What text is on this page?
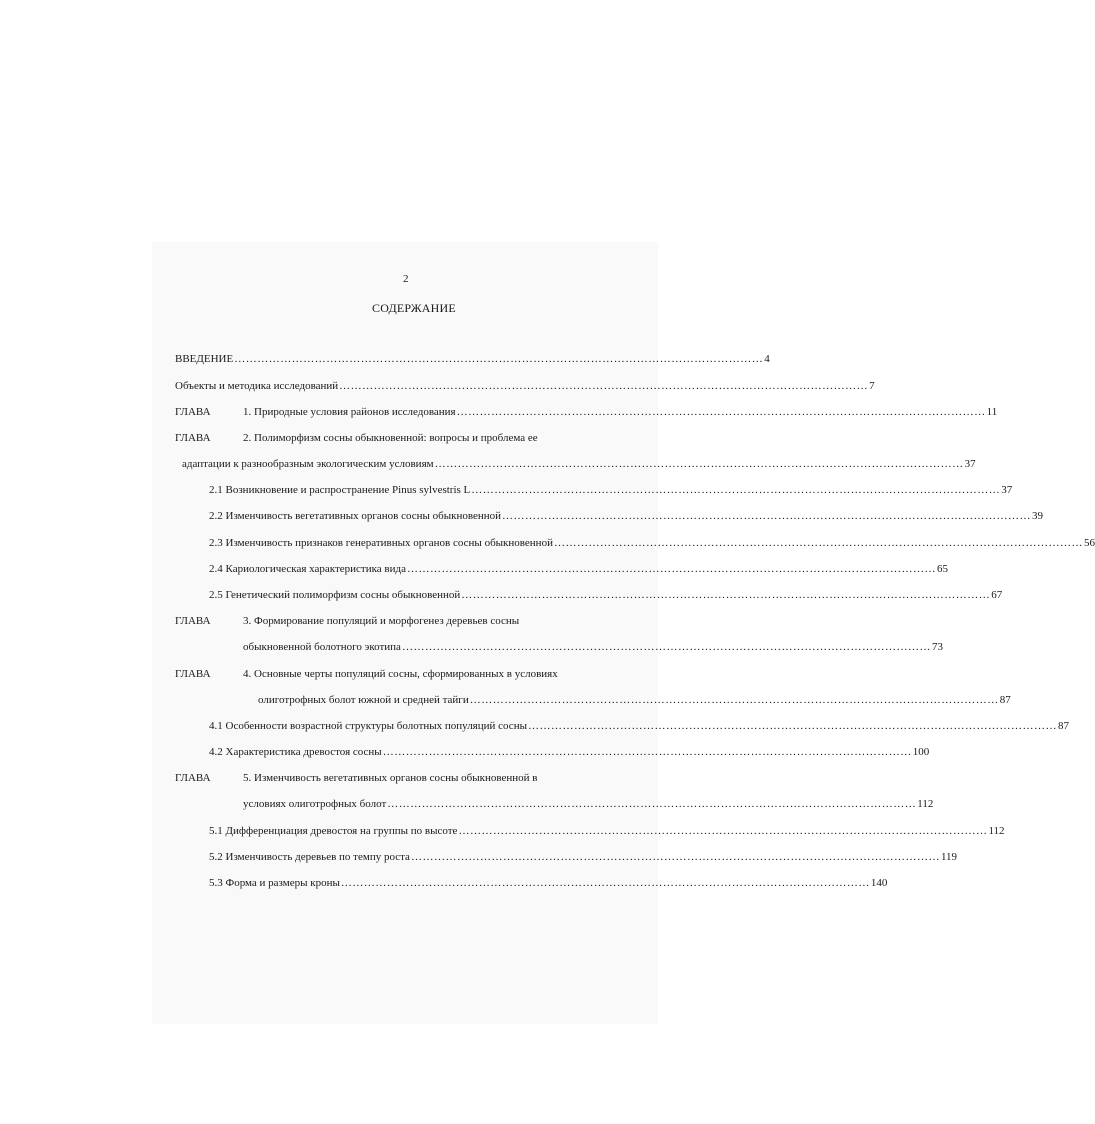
2
СОДЕРЖАНИЕ
ВВЕДЕНИЕ ………………………………………………………………………………………………………………………… 4
Объекты и методика исследований ………………………………………………………………………………………………………………………… 7
ГЛАВА	1. Природные условия районов исследования ………………………………………………………………………………………………………………………… 11
ГЛАВА	2. Полиморфизм сосны обыкновенной: вопросы и проблема ее
адаптации к разнообразным экологическим условиям ………………………………………………………………………………………………………………………… 37
2.1 Возникновение и распространение Pinus sylvestris L ………………………………………………………………………………………………………………………… 37
2.2 Изменчивость вегетативных органов сосны обыкновенной ………………………………………………………………………………………………………………………… 39
2.3 Изменчивость признаков генеративных органов сосны обыкновенной ………………………………………………………………………………………………………………………… 56
2.4 Кариологическая характеристика вида ………………………………………………………………………………………………………………………… 65
2.5 Генетический полиморфизм сосны обыкновенной ………………………………………………………………………………………………………………………… 67
ГЛАВА	3. Формирование популяций и морфогенез деревьев сосны
обыкновенной болотного экотипа ………………………………………………………………………………………………………………………… 73
ГЛАВА	4. Основные черты популяций сосны, сформированных в условиях
олиготрофных болот южной и средней тайги ………………………………………………………………………………………………………………………… 87
4.1 Особенности возрастной структуры болотных популяций сосны ………………………………………………………………………………………………………………………… 87
4.2 Характеристика древостоя сосны ………………………………………………………………………………………………………………………… 100
ГЛАВА	5. Изменчивость вегетативных органов сосны обыкновенной в
условиях олиготрофных болот ………………………………………………………………………………………………………………………… 112
5.1 Дифференциация древостоя на группы по высоте ………………………………………………………………………………………………………………………… 112
5.2 Изменчивость деревьев по темпу роста ………………………………………………………………………………………………………………………… 119
5.3 Форма и размеры кроны ………………………………………………………………………………………………………………………… 140
